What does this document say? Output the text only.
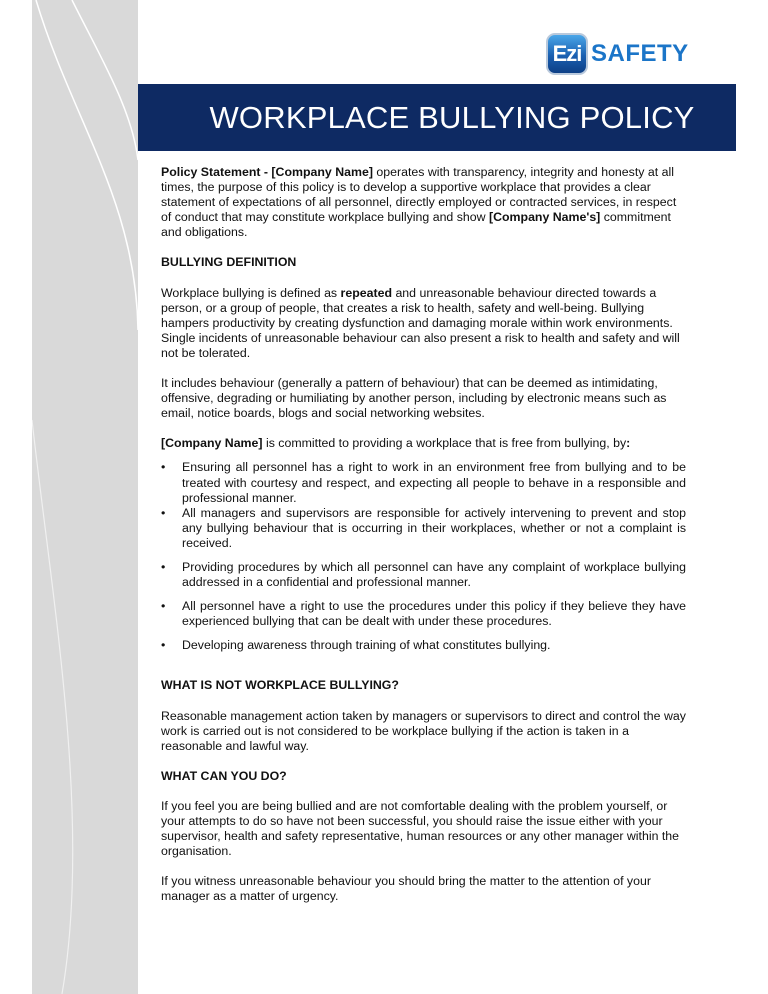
Ezi SAFETY
WORKPLACE BULLYING POLICY

Policy Statement - [Company Name] operates with transparency, integrity and honesty at all times, the purpose of this policy is to develop a supportive workplace that provides a clear statement of expectations of all personnel, directly employed or contracted services, in respect of conduct that may constitute workplace bullying and show [Company Name's] commitment and obligations.

BULLYING DEFINITION

Workplace bullying is defined as repeated and unreasonable behaviour directed towards a person, or a group of people, that creates a risk to health, safety and well-being. Bullying hampers productivity by creating dysfunction and damaging morale within work environments. Single incidents of unreasonable behaviour can also present a risk to health and safety and will not be tolerated.

It includes behaviour (generally a pattern of behaviour) that can be deemed as intimidating, offensive, degrading or humiliating by another person, including by electronic means such as email, notice boards, blogs and social networking websites.

[Company Name] is committed to providing a workplace that is free from bullying, by:

• Ensuring all personnel has a right to work in an environment free from bullying and to be treated with courtesy and respect, and expecting all people to behave in a responsible and professional manner.
• All managers and supervisors are responsible for actively intervening to prevent and stop any bullying behaviour that is occurring in their workplaces, whether or not a complaint is received.
• Providing procedures by which all personnel can have any complaint of workplace bullying addressed in a confidential and professional manner.
• All personnel have a right to use the procedures under this policy if they believe they have experienced bullying that can be dealt with under these procedures.
• Developing awareness through training of what constitutes bullying.

WHAT IS NOT WORKPLACE BULLYING?

Reasonable management action taken by managers or supervisors to direct and control the way work is carried out is not considered to be workplace bullying if the action is taken in a reasonable and lawful way.

WHAT CAN YOU DO?

If you feel you are being bullied and are not comfortable dealing with the problem yourself, or your attempts to do so have not been successful, you should raise the issue either with your supervisor, health and safety representative, human resources or any other manager within the organisation.

If you witness unreasonable behaviour you should bring the matter to the attention of your manager as a matter of urgency.
